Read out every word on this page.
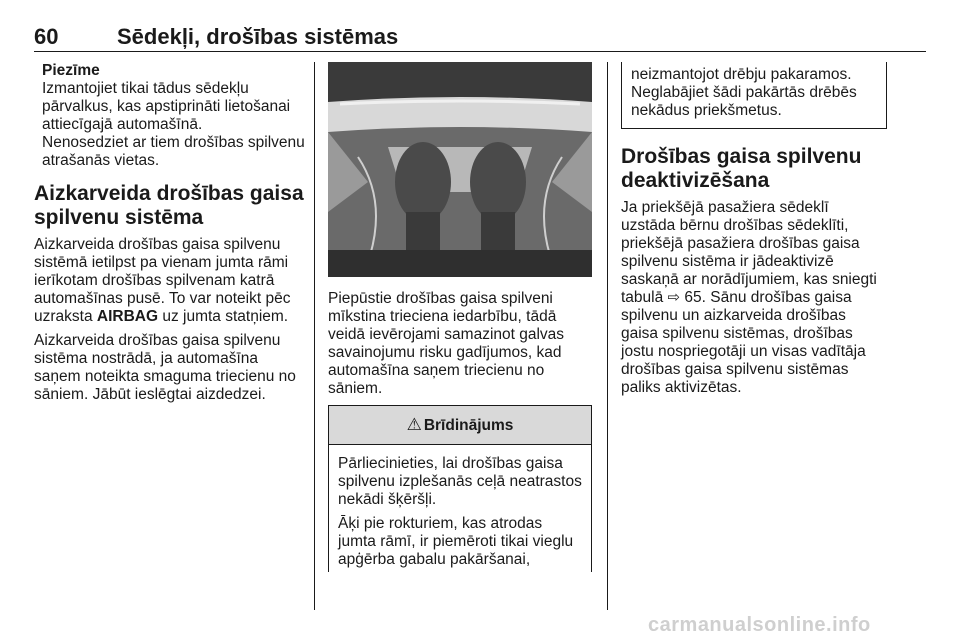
60	Sēdekļi, drošības sistēmas
Piezīme
Izmantojiet tikai tādus sēdekļu pārvalkus, kas apstiprināti lietošanai attiecīgajā automašīnā.
Nenosedziet ar tiem drošības spilvenu atrašanās vietas.
Aizkarveida drošības gaisa spilvenu sistēma

Aizkarveida drošības gaisa spilvenu sistēmā ietilpst pa vienam jumta rāmi ierīkotam drošības spilvenam katrā automašīnas pusē. To var noteikt pēc uzraksta AIRBAG uz jumta statņiem.

Aizkarveida drošības gaisa spilvenu sistēma nostrādā, ja automašīna saņem noteikta smaguma triecienu no sāniem. Jābūt ieslēgtai aizdedzei.

Piepūstie drošības gaisa spilveni mīkstina trieciena iedarbību, tādā veidā ievērojami samazinot galvas savainojumu risku gadījumos, kad automašīna saņem triecienu no sāniem.
⚠ Brīdinājums

Pārliecinieties, lai drošības gaisa spilvenu izplešanās ceļā neatrastos nekādi šķēršļi.

Āķi pie rokturiem, kas atrodas jumta rāmī, ir piemēroti tikai vieglu apģērba gabalu pakāršanai,

neizmantojot drēbju pakaramos. Neglabājiet šādi pakārtās drēbēs nekādus priekšmetus.
Drošības gaisa spilvenu deaktivizēšana

Ja priekšējā pasažiera sēdeklī uzstāda bērnu drošības sēdeklīti, priekšējā pasažiera drošības gaisa spilvenu sistēma ir jādeaktivizē saskaņā ar norādījumiem, kas sniegti tabulā ⇨ 65. Sānu drošības gaisa spilvenu un aizkarveida drošības gaisa spilvenu sistēmas, drošības jostu nospriegotāji un visas vadītāja drošības gaisa spilvenu sistēmas paliks aktivizētas.

carmanualsonline.info
